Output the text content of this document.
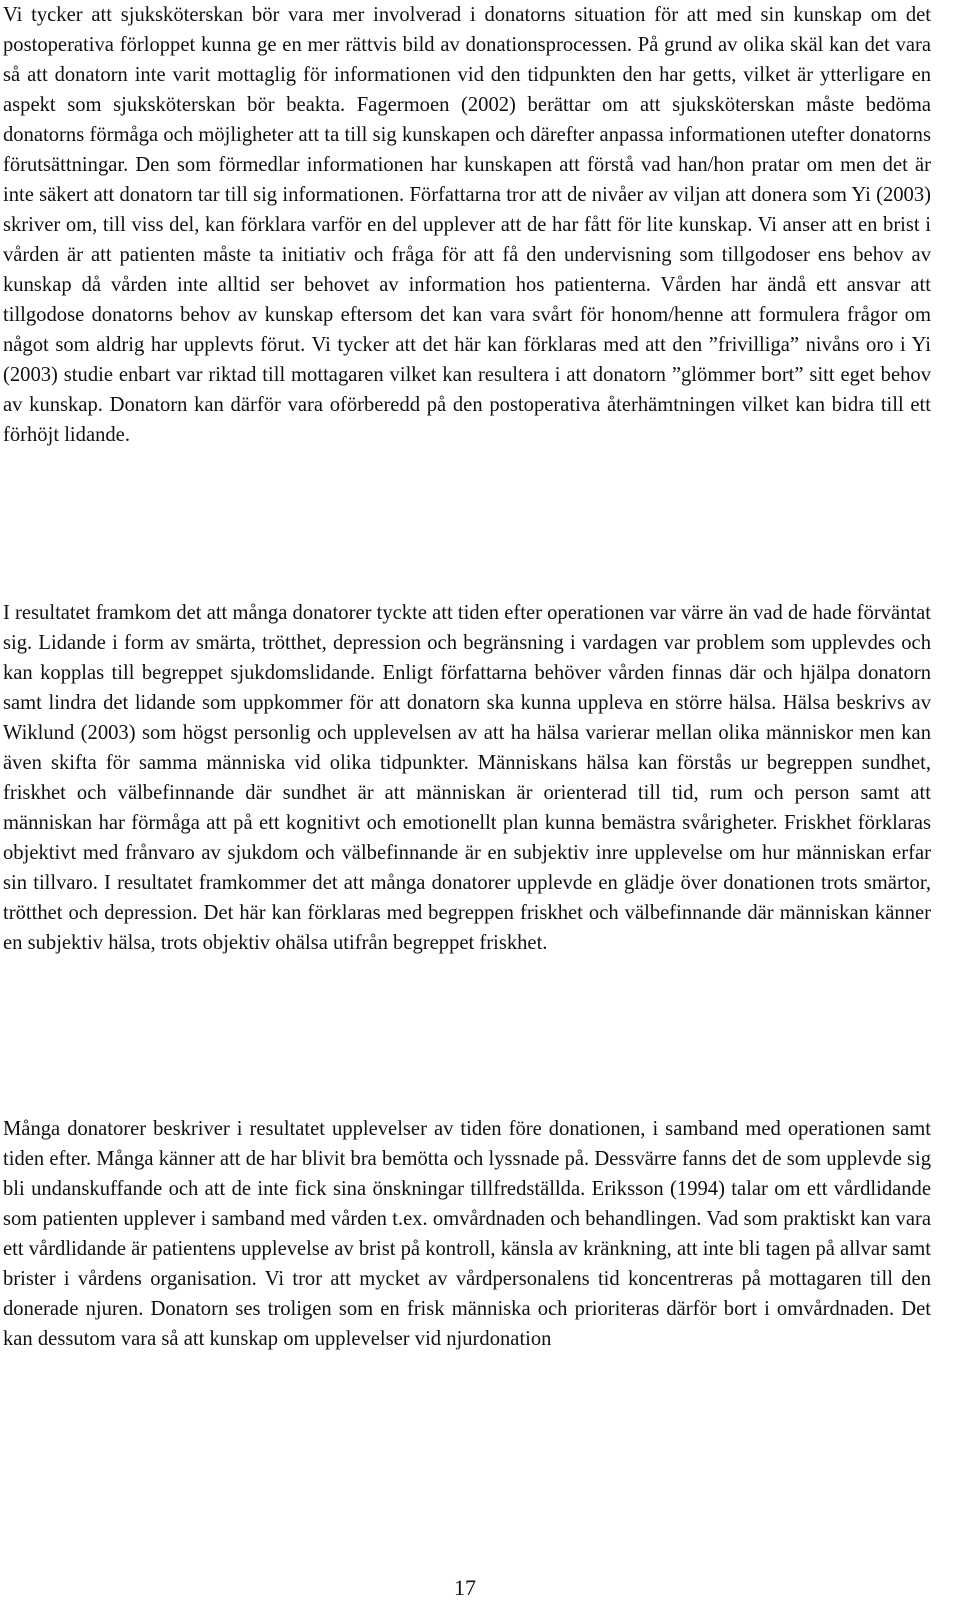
Vi tycker att sjuksköterskan bör vara mer involverad i donatorns situation för att med sin kunskap om det postoperativa förloppet kunna ge en mer rättvis bild av donationsprocessen. På grund av olika skäl kan det vara så att donatorn inte varit mottaglig för informationen vid den tidpunkten den har getts, vilket är ytterligare en aspekt som sjuksköterskan bör beakta. Fagermoen (2002) berättar om att sjuksköterskan måste bedöma donatorns förmåga och möjligheter att ta till sig kunskapen och därefter anpassa informationen utefter donatorns förutsättningar. Den som förmedlar informationen har kunskapen att förstå vad han/hon pratar om men det är inte säkert att donatorn tar till sig informationen. Författarna tror att de nivåer av viljan att donera som Yi (2003) skriver om, till viss del, kan förklara varför en del upplever att de har fått för lite kunskap. Vi anser att en brist i vården är att patienten måste ta initiativ och fråga för att få den undervisning som tillgodoser ens behov av kunskap då vården inte alltid ser behovet av information hos patienterna. Vården har ändå ett ansvar att tillgodose donatorns behov av kunskap eftersom det kan vara svårt för honom/henne att formulera frågor om något som aldrig har upplevts förut. Vi tycker att det här kan förklaras med att den ”frivilliga” nivåns oro i Yi (2003) studie enbart var riktad till mottagaren vilket kan resultera i att donatorn ”glömmer bort” sitt eget behov av kunskap. Donatorn kan därför vara oförberedd på den postoperativa återhämtningen vilket kan bidra till ett förhöjt lidande.

I resultatet framkom det att många donatorer tyckte att tiden efter operationen var värre än vad de hade förväntat sig. Lidande i form av smärta, trötthet, depression och begränsning i vardagen var problem som upplevdes och kan kopplas till begreppet sjukdomslidande. Enligt författarna behöver vården finnas där och hjälpa donatorn samt lindra det lidande som uppkommer för att donatorn ska kunna uppleva en större hälsa. Hälsa beskrivs av Wiklund (2003) som högst personlig och upplevelsen av att ha hälsa varierar mellan olika människor men kan även skifta för samma människa vid olika tidpunkter. Människans hälsa kan förstås ur begreppen sundhet, friskhet och välbefinnande där sundhet är att människan är orienterad till tid, rum och person samt att människan har förmåga att på ett kognitivt och emotionellt plan kunna bemästra svårigheter. Friskhet förklaras objektivt med frånvaro av sjukdom och välbefinnande är en subjektiv inre upplevelse om hur människan erfar sin tillvaro. I resultatet framkommer det att många donatorer upplevde en glädje över donationen trots smärtor, trötthet och depression. Det här kan förklaras med begreppen friskhet och välbefinnande där människan känner en subjektiv hälsa, trots objektiv ohälsa utifrån begreppet friskhet.

Många donatorer beskriver i resultatet upplevelser av tiden före donationen, i samband med operationen samt tiden efter. Många känner att de har blivit bra bemötta och lyssnade på. Dessvärre fanns det de som upplevde sig bli undanskuffande och att de inte fick sina önskningar tillfredställda. Eriksson (1994) talar om ett vårdlidande som patienten upplever i samband med vården t.ex. omvårdnaden och behandlingen. Vad som praktiskt kan vara ett vårdlidande är patientens upplevelse av brist på kontroll, känsla av kränkning, att inte bli tagen på allvar samt brister i vårdens organisation. Vi tror att mycket av vårdpersonalens tid koncentreras på mottagaren till den donerade njuren. Donatorn ses troligen som en frisk människa och prioriteras därför bort i omvårdnaden. Det kan dessutom vara så att kunskap om upplevelser vid njurdonation

17
